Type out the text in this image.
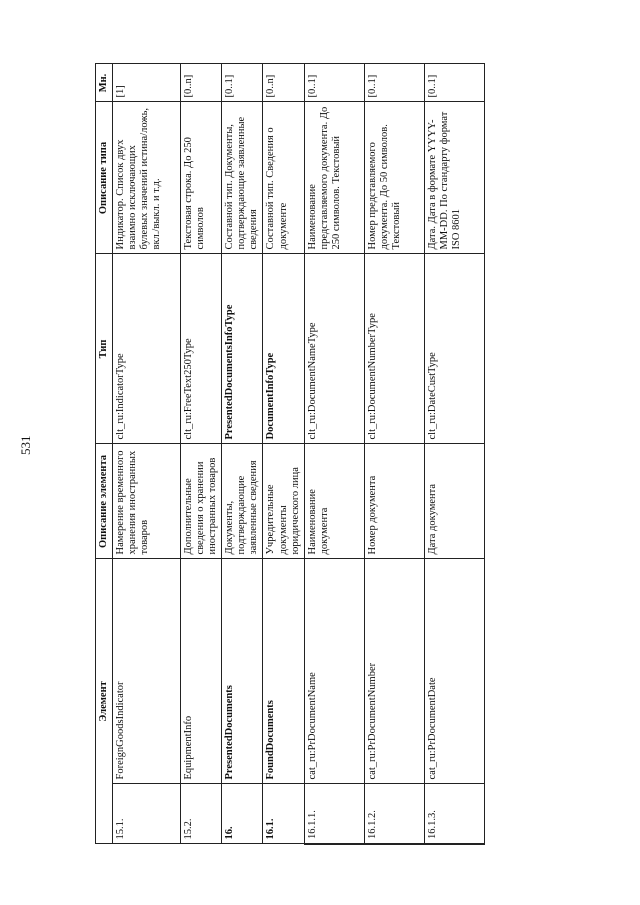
531
Элемент		Описание элемента	Тип	Описание типа	Мн.
15.1.	ForeignGoodsIndicator	Намерение временного хранения иностранных товаров	clt_ru:IndicatorType	Индикатор. Список двух взаимно исключающих булевых значений истина/ложь, вкл./выкл. и т.д.	[1]
15.2.	EquipmentInfo	Дополнительные сведения о хранении иностранных товаров	clt_ru:FreeText250Type	Текстовая строка. До 250 символов	[0..n]
16.	PresentedDocuments	Документы, подтверждающие заявленные сведения	PresentedDocumentsInfoType	Составной тип. Документы, подтверждающие заявленные сведения	[0..1]
16.1.	FoundDocuments	Учредительные документы юридического лица	DocumentInfoType	Составной тип. Сведения о документе	[0..n]
16.1.1.	cat_ru:PrDocumentName	Наименование документа	clt_ru:DocumentNameType	Наименование представляемого документа. До 250 символов. Текстовый	[0..1]
16.1.2.	cat_ru:PrDocumentNumber	Номер документа	clt_ru:DocumentNumberType	Номер представляемого документа. До 50 символов. Текстовый	[0..1]
16.1.3.	cat_ru:PrDocumentDate	Дата документа	clt_ru:DateCustType	Дата. Дата в формате YYYY-MM-DD. По стандарту формат ISO 8601	[0..1]
